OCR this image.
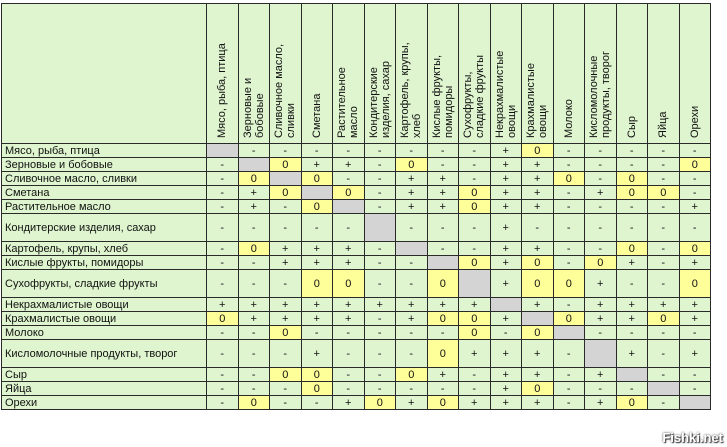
	Мясо, рыба, птица	Зерновые и
бобовые	Сливочное масло,
сливки	Сметана	Растительное
масло	Кондитерские
изделия, сахар	Картофель, крупы,
хлеб	Кислые фрукты,
помидоры	Сухофрукты,
сладкие фрукты	Некрахмалистые
овощи	Крахмалистые
овощи	Молоко	Кисломолочные
продукты, творог	Сыр	Яйца	Орехи
Мясо, рыба, птица		-	-	-	-	-	-	-	-	+	0	-	-	-	-	-
Зерновые и бобовые	-		0	+	+	-	0	-	-	+	+	-	-	-	-	0
Сливочное масло, сливки	-	0		0	-	-	+	+	-	+	+	0	-	0	-	-
Сметана	-	+	0		0	-	+	+	0	+	+	-	+	0	0	-
Растительное масло	-	+	-	0		-	+	+	0	+	+	-	-	-	-	+
Кондитерские изделия, сахар	-	-	-	-	-		-	-	-	+	-	-	-	-	-	-
Картофель, крупы, хлеб	-	0	+	+	+	-		-	-	+	+	-	-	0	-	0
Кислые фрукты, помидоры	-	-	+	+	+	-	-		0	+	0	-	0	+	-	+
Сухофрукты, сладкие фрукты	-	-	-	0	0	-	-	0		+	0	0	+	-	-	0
Некрахмалистые овощи	+	+	+	+	+	+	+	+	+		+	-	+	+	+	+
Крахмалистые овощи	0	+	+	+	+	-	+	0	0	+		0	+	+	0	+
Молоко	-	-	0	-	-	-	-	-	0	-	0		-	-	-	-
Кисломолочные продукты, творог	-	-	-	+	-	-	-	0	+	+	+	-		+	-	+
Сыр	-	-	0	0	-	-	0	+	-	+	+	-	+		-	-
Яйца	-	-	-	0	-	-	-	-	-	+	0	-	-	-		-
Орехи	-	0	-	-	+	0	+	0	+	+	+	-	+	0	-	
Fishki.net
